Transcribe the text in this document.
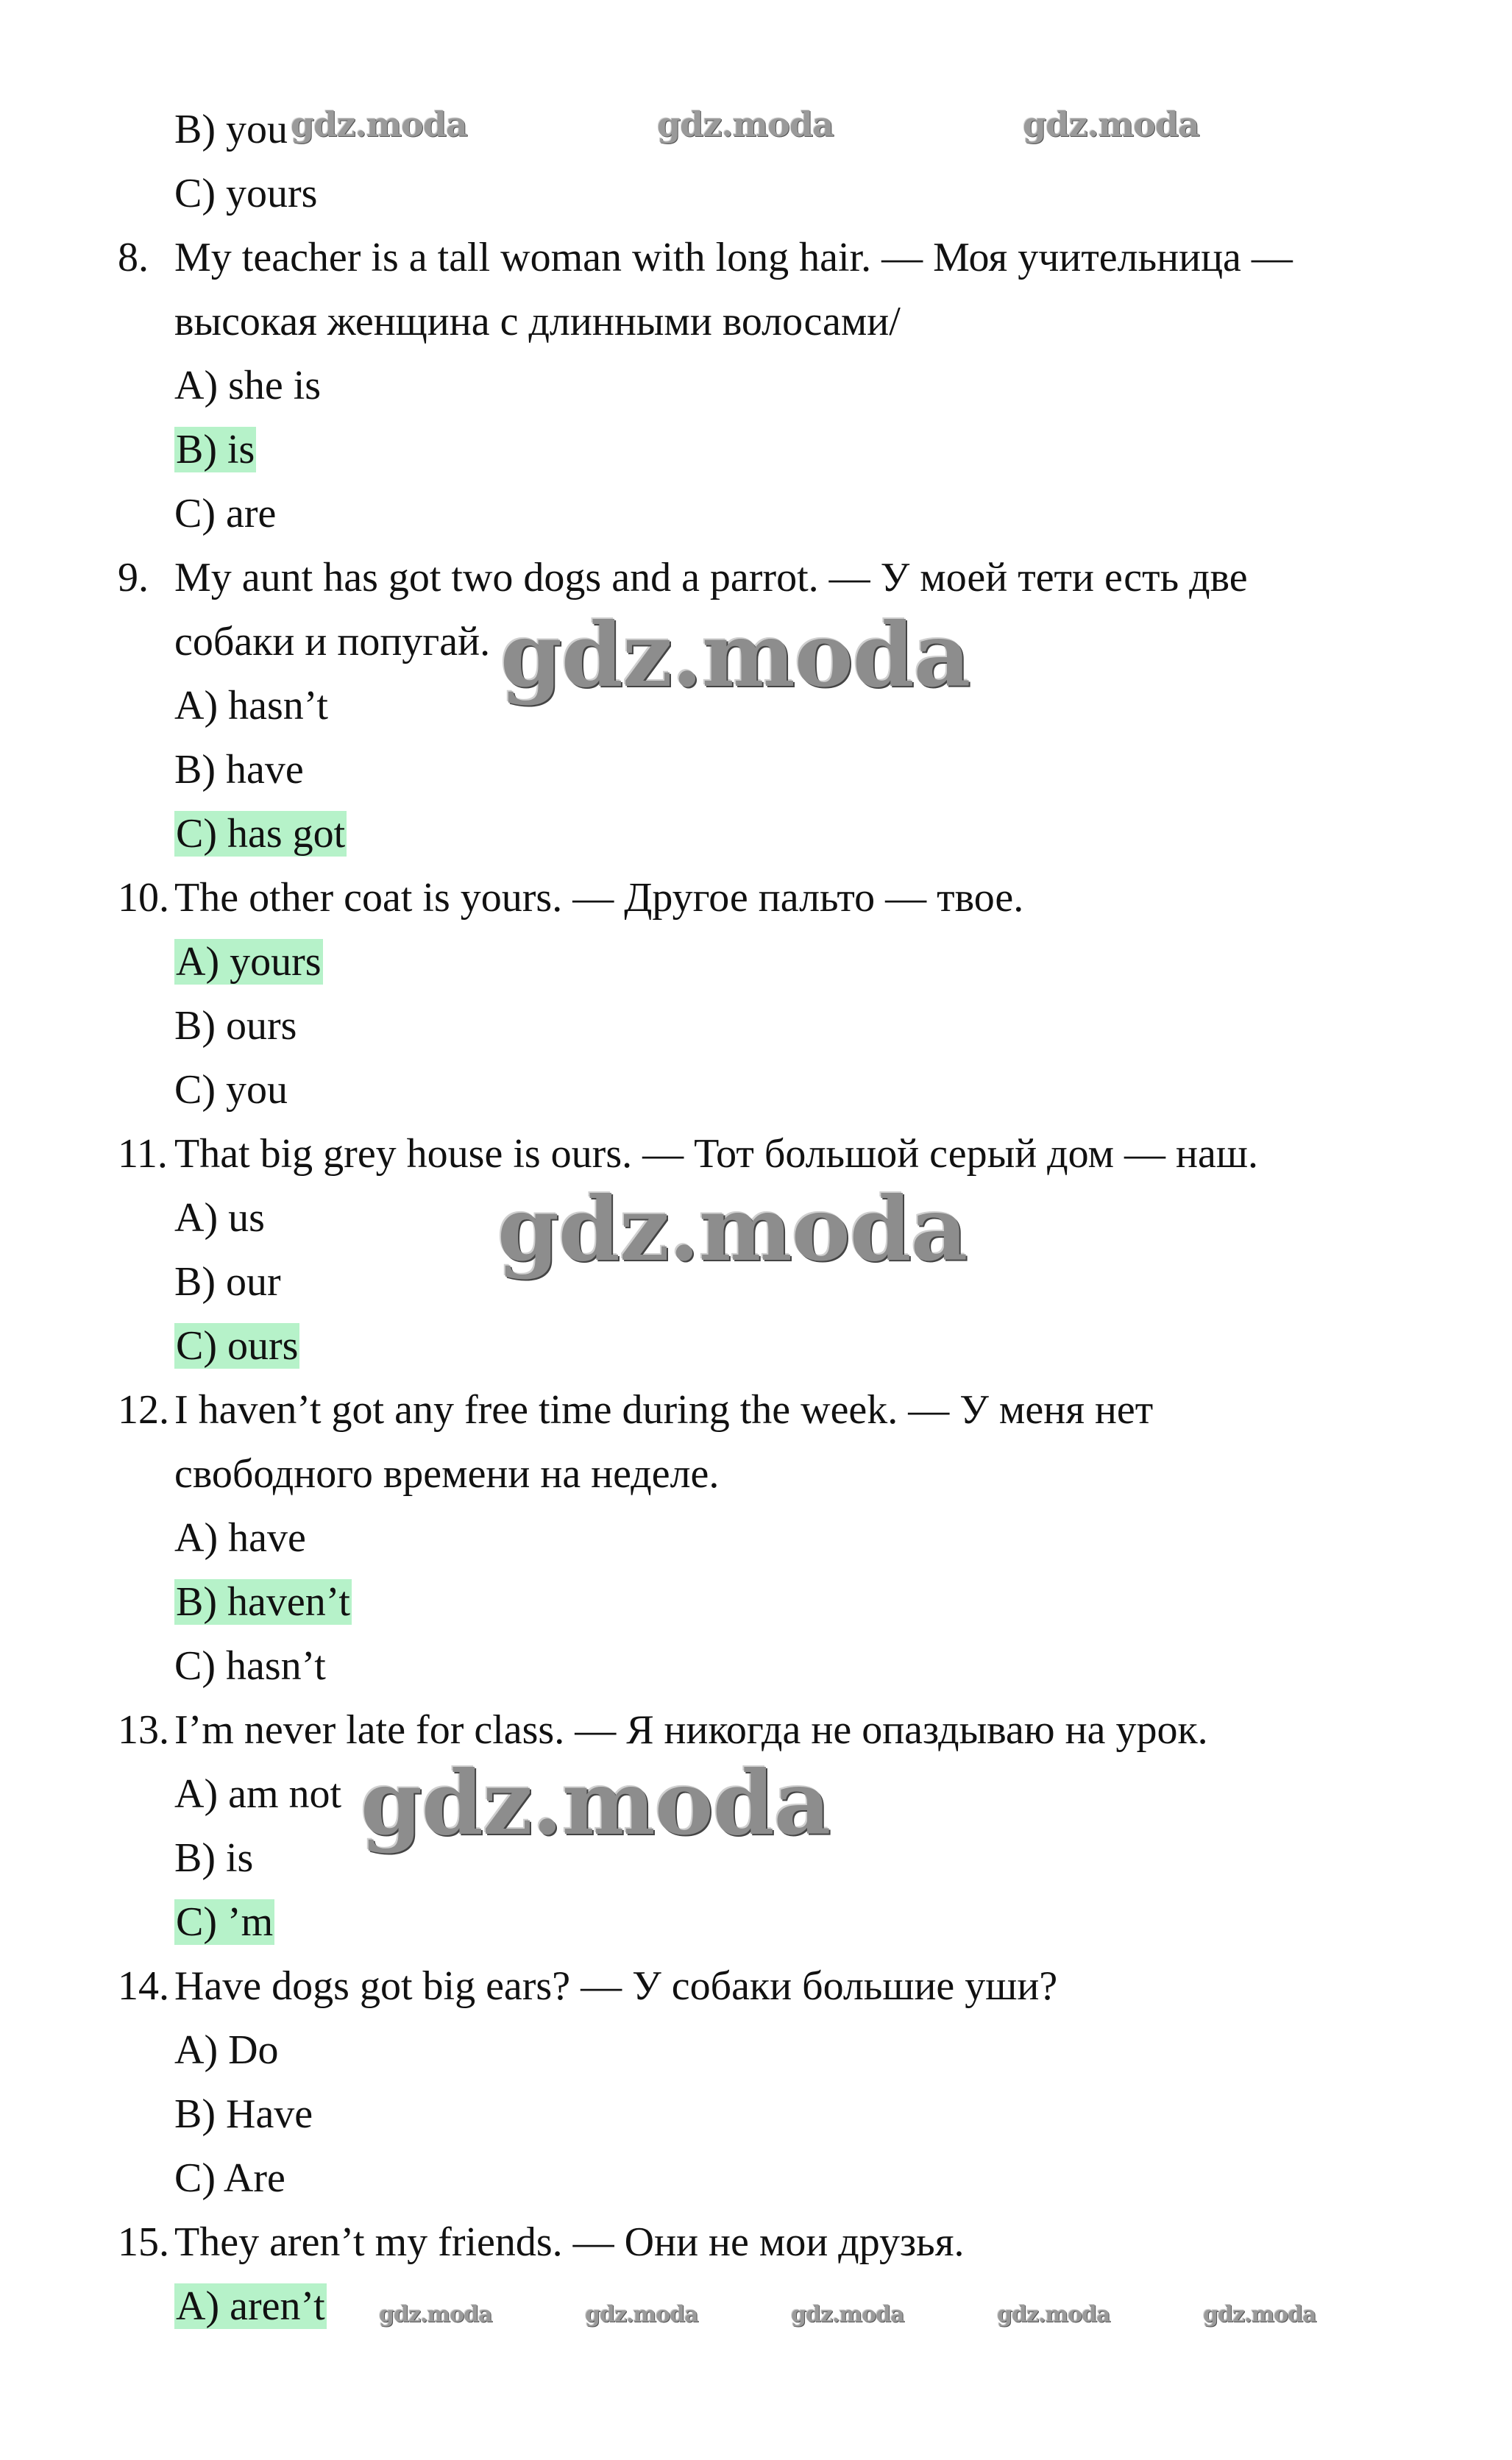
B) you
C) yours
8. My teacher is a tall woman with long hair. — Моя учительница —
высокая женщина с длинными волосами/
A) she is
B) is
C) are
9. My aunt has got two dogs and a parrot. — У моей тети есть две
собаки и попугай.
A) hasn’t
B) have
C) has got
10. The other coat is yours. — Другое пальто — твое.
A) yours
B) ours
C) you
11. That big grey house is ours. — Тот большой серый дом — наш.
A) us
B) our
C) ours
12. I haven’t got any free time during the week. — У меня нет
свободного времени на неделе.
A) have
B) haven’t
C) hasn’t
13. I’m never late for class. — Я никогда не опаздываю на урок.
A) am not
B) is
C) ’m
14. Have dogs got big ears? — У собаки большие уши?
A) Do
B) Have
C) Are
15. They aren’t my friends. — Они не мои друзья.
A) aren’t
gdz.moda	gdz.moda	gdz.moda
gdz.moda
gdz.moda
gdz.moda
gdz.moda	gdz.moda	gdz.moda	gdz.moda	gdz.moda
